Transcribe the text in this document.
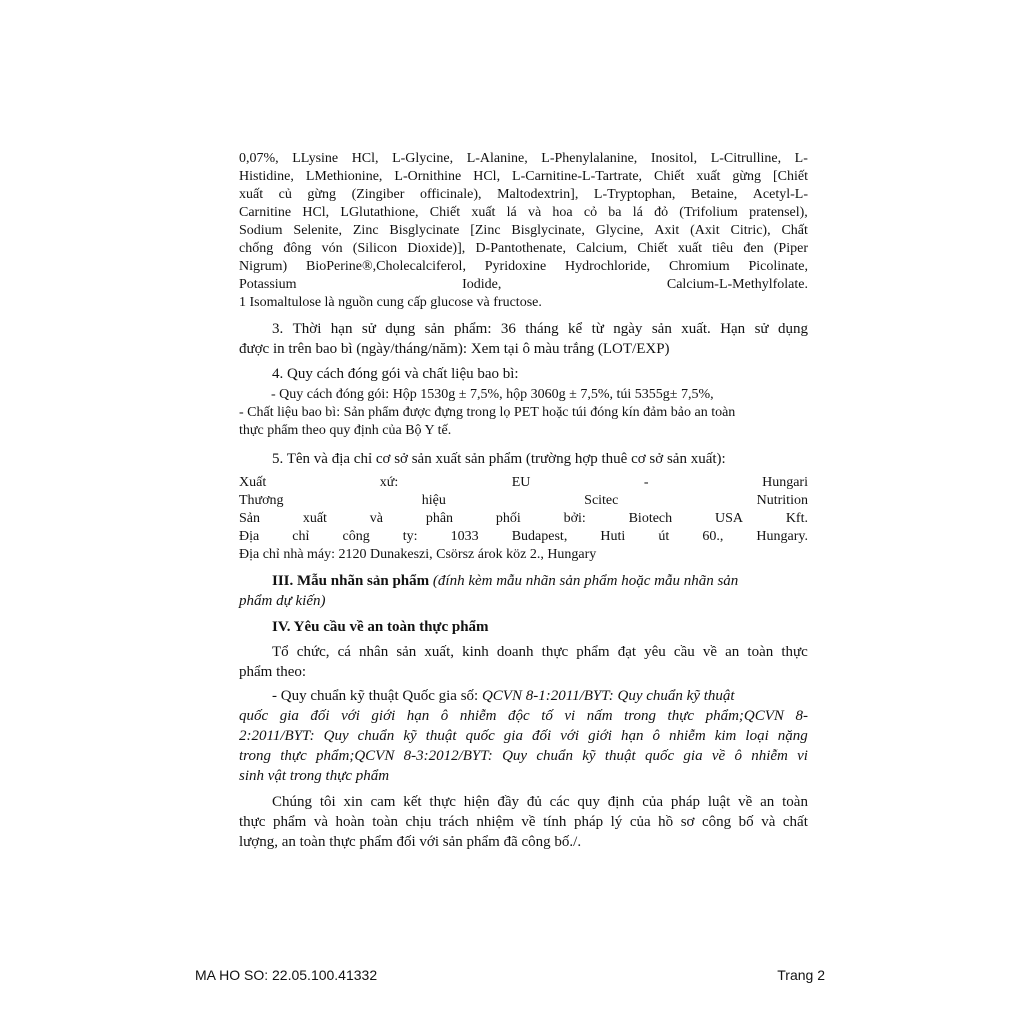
0,07%, LLysine HCl, L-Glycine, L-Alanine, L-Phenylalanine, Inositol, L-Citrulline, L-
Histidine, LMethionine, L-Ornithine HCl, L-Carnitine-L-Tartrate, Chiết xuất gừng [Chiết
xuất củ gừng (Zingiber officinale), Maltodextrin], L-Tryptophan, Betaine, Acetyl-L-
Carnitine HCl, LGlutathione, Chiết xuất lá và hoa cỏ ba lá đỏ (Trifolium pratensel),
Sodium Selenite, Zinc Bisglycinate [Zinc Bisglycinate, Glycine, Axit (Axit Citric), Chất
chống đông vón (Silicon Dioxide)], D-Pantothenate, Calcium, Chiết xuất tiêu đen (Piper
Nigrum) BioPerine®,Cholecalciferol, Pyridoxine Hydrochloride, Chromium Picolinate,
Potassium	Iodide,	Calcium-L-Methylfolate.
1 Isomaltulose là nguồn cung cấp glucose và fructose.
3. Thời hạn sử dụng sản phẩm: 36 tháng kể từ ngày sản xuất. Hạn sử dụng
được in trên bao bì (ngày/tháng/năm): Xem tại ô màu trắng (LOT/EXP)
4. Quy cách đóng gói và chất liệu bao bì:
- Quy cách đóng gói: Hộp 1530g ± 7,5%, hộp 3060g ± 7,5%, túi 5355g± 7,5%,
- Chất liệu bao bì: Sản phẩm được đựng trong lọ PET hoặc túi đóng kín đảm bảo an toàn
thực phẩm theo quy định của Bộ Y tế.
5. Tên và địa chỉ cơ sở sản xuất sản phẩm (trường hợp thuê cơ sở sản xuất):
Xuất	xứ:	EU	-	Hungari
Thương	hiệu	Scitec	Nutrition
Sản	xuất	và	phân	phối	bởi:	Biotech	USA	Kft.
Địa chỉ công ty: 1033 Budapest, Huti út 60., Hungary.
Địa chỉ nhà máy: 2120 Dunakeszi, Csörsz árok köz 2., Hungary
III. Mẫu nhãn sản phẩm (đính kèm mẫu nhãn sản phẩm hoặc mẫu nhãn sản
phẩm dự kiến)
IV. Yêu cầu về an toàn thực phẩm
Tổ chức, cá nhân sản xuất, kinh doanh thực phẩm đạt yêu cầu về an toàn thực
phẩm theo:
- Quy chuẩn kỹ thuật Quốc gia số: QCVN 8-1:2011/BYT: Quy chuẩn kỹ thuật
quốc gia đối với giới hạn ô nhiễm độc tố vi nấm trong thực phẩm;QCVN 8-
2:2011/BYT: Quy chuẩn kỹ thuật quốc gia đối với giới hạn ô nhiễm kim loại nặng
trong thực phẩm;QCVN 8-3:2012/BYT: Quy chuẩn kỹ thuật quốc gia về ô nhiễm vi
sinh vật trong thực phẩm
Chúng tôi xin cam kết thực hiện đầy đủ các quy định của pháp luật về an toàn
thực phẩm và hoàn toàn chịu trách nhiệm về tính pháp lý của hồ sơ công bố và chất
lượng, an toàn thực phẩm đối với sản phẩm đã công bố./.
MA HO SO: 22.05.100.41332	Trang 2
